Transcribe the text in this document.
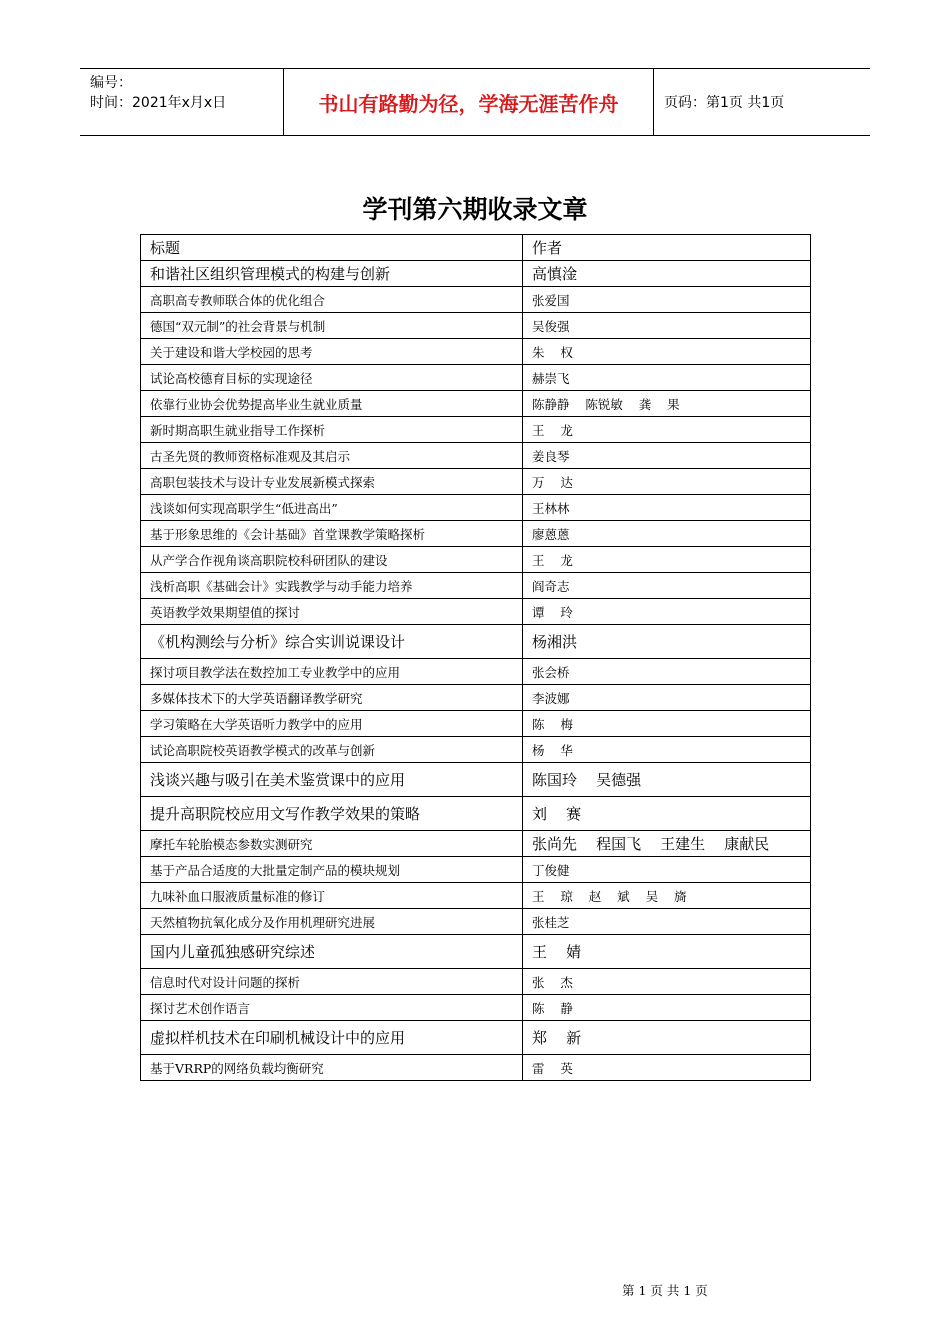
编号：
时间：2021年x月x日	书山有路勤为径，学海无涯苦作舟	页码：第1页 共1页
学刊第六期收录文章
标题	作者
和谐社区组织管理模式的构建与创新	高慎淦
高职高专教师联合体的优化组合	张爱国
德国“双元制”的社会背景与机制	吴俊强
关于建设和谐大学校园的思考	朱    权
试论高校德育目标的实现途径	赫崇飞
依靠行业协会优势提高毕业生就业质量	陈静静    陈锐敏    龚    果
新时期高职生就业指导工作探析	王    龙
古圣先贤的教师资格标准观及其启示	姜良琴
高职包装技术与设计专业发展新模式探索	万    达
浅谈如何实现高职学生“低进高出”	王林林
基于形象思维的《会计基础》首堂课教学策略探析	廖蒽蒽
从产学合作视角谈高职院校科研团队的建设	王    龙
浅析高职《基础会计》实践教学与动手能力培养	阎奇志
英语教学效果期望值的探讨	谭    玲
《机构测绘与分析》综合实训说课设计	杨湘洪
探讨项目教学法在数控加工专业教学中的应用	张会桥
多媒体技术下的大学英语翻译教学研究	李波娜
学习策略在大学英语听力教学中的应用	陈    梅
试论高职院校英语教学模式的改革与创新	杨    华
浅谈兴趣与吸引在美术鉴赏课中的应用	陈国玲    吴德强
提升高职院校应用文写作教学效果的策略	刘    赛
摩托车轮胎模态参数实测研究	张尚先    程国飞    王建生    康献民
基于产品合适度的大批量定制产品的模块规划	丁俊健
九味补血口服液质量标准的修订	王    琼    赵    斌    吴    旖
天然植物抗氧化成分及作用机理研究进展	张桂芝
国内儿童孤独感研究综述	王    婧
信息时代对设计问题的探析	张    杰
探讨艺术创作语言	陈    静
虚拟样机技术在印刷机械设计中的应用	郑    新
基于VRRP的网络负载均衡研究	雷    英
第 1 页 共 1 页
